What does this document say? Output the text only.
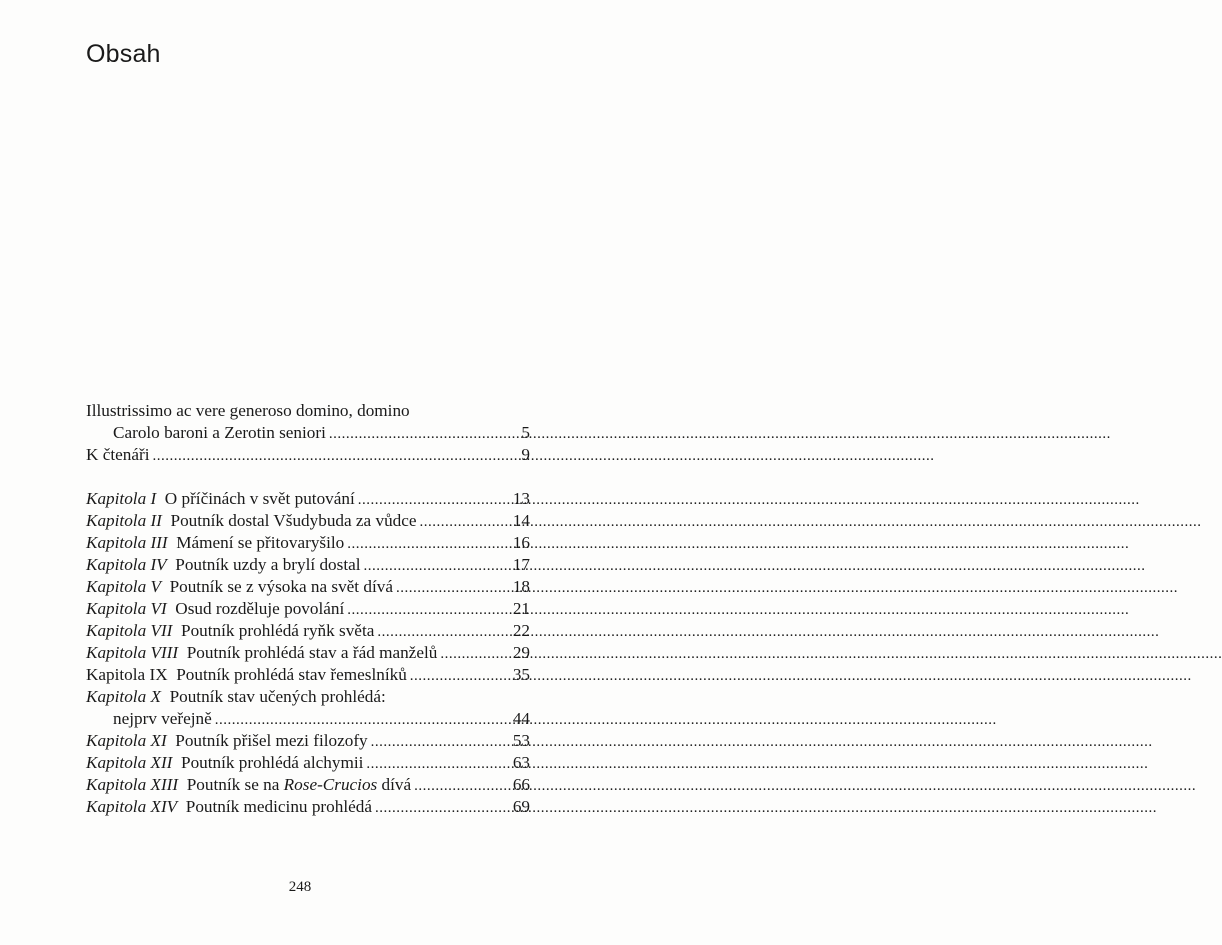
Obsah
Illustrissimo ac vere generoso domino, domino
Carolo baroni a Zerotin seniori .....	5
K čtenáři .....	9
Kapitola I  O příčinách v svět putování .....	13
Kapitola II  Poutník dostal Všudybuda za vůdce .....	14
Kapitola III  Mámení se přitovaryšilo .....	16
Kapitola IV  Poutník uzdy a brylí dostal .....	17
Kapitola V  Poutník se z výsoka na svět dívá .....	18
Kapitola VI  Osud rozděluje povolání .....	21
Kapitola VII  Poutník prohlédá ryňk světa .....	22
Kapitola VIII  Poutník prohlédá stav a řád manželů .....	29
Kapitola IX  Poutník prohlédá stav řemeslníků .....	35
Kapitola X  Poutník stav učených prohlédá:
nejprv veřejně .....	44
Kapitola XI  Poutník přišel mezi filozofy .....	53
Kapitola XII  Poutník prohlédá alchymii .....	63
Kapitola XIII  Poutník se na Rose-Crucios dívá .....	66
Kapitola XIV  Poutník medicinu prohlédá .....	69
248
